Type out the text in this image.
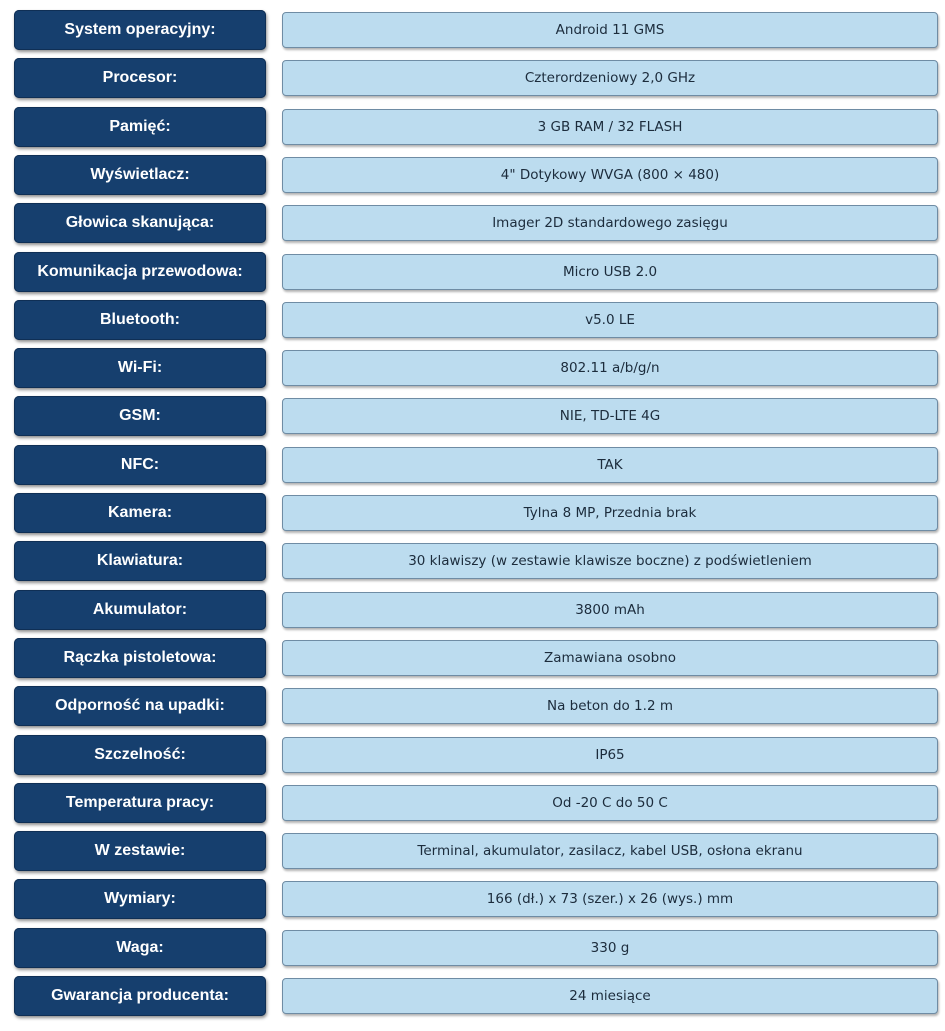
System operacyjny:	Android 11 GMS
Procesor:	Czterordzeniowy 2,0 GHz
Pamięć:	3 GB RAM / 32 FLASH
Wyświetlacz:	4" Dotykowy WVGA (800 × 480)
Głowica skanująca:	Imager 2D standardowego zasięgu
Komunikacja przewodowa:	Micro USB 2.0
Bluetooth:	v5.0 LE
Wi-Fi:	802.11 a/b/g/n
GSM:	NIE, TD-LTE 4G
NFC:	TAK
Kamera:	Tylna 8 MP, Przednia brak
Klawiatura:	30 klawiszy (w zestawie klawisze boczne) z podświetleniem
Akumulator:	3800 mAh
Rączka pistoletowa:	Zamawiana osobno
Odporność na upadki:	Na beton do 1.2 m
Szczelność:	IP65
Temperatura pracy:	Od -20 C do 50 C
W zestawie:	Terminal, akumulator, zasilacz, kabel USB, osłona ekranu
Wymiary:	166 (dł.) x 73 (szer.) x 26 (wys.) mm
Waga:	330 g
Gwarancja producenta:	24 miesiące
